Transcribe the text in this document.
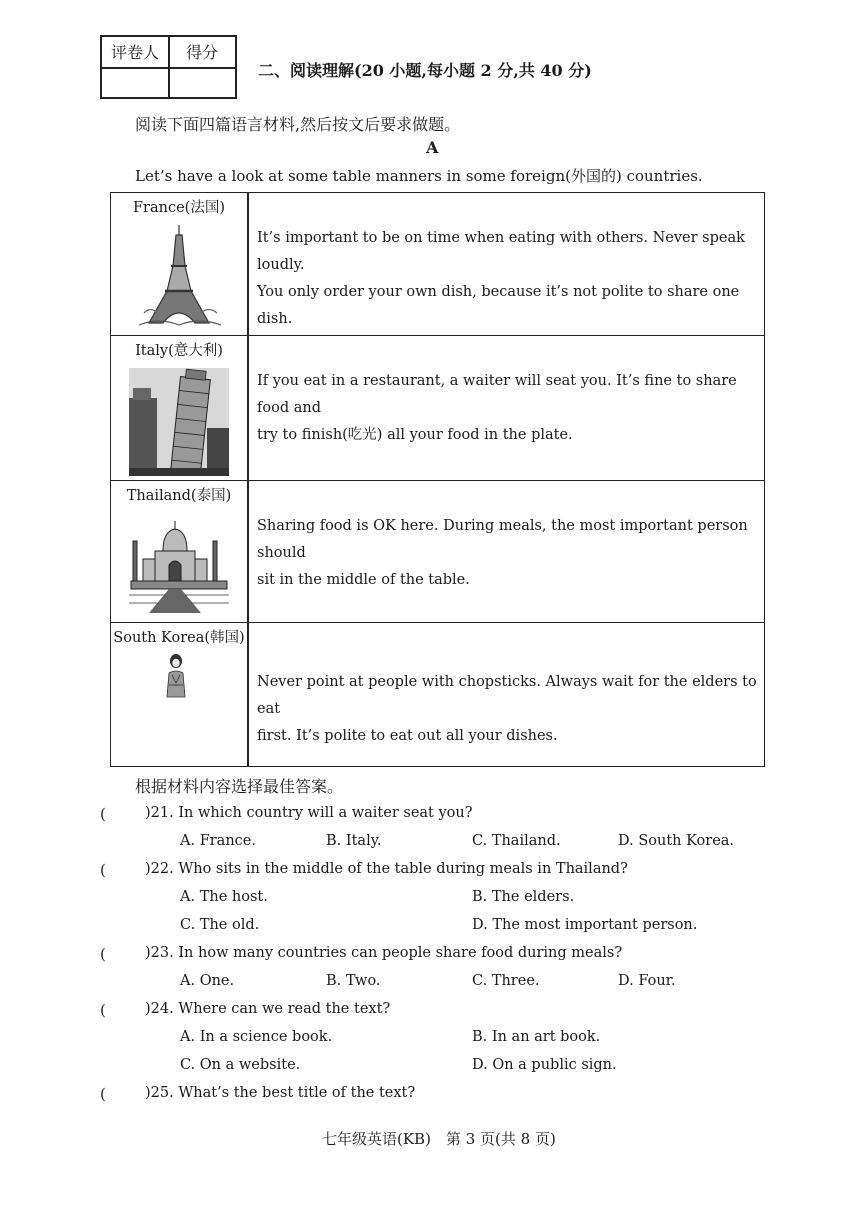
评卷人	得分
二、阅读理解(20 小题,每小题 2 分,共 40 分)
阅读下面四篇语言材料,然后按文后要求做题。
A
Let’s have a look at some table manners in some foreign(外国的) countries.
France(法国)
It’s important to be on time when eating with others. Never speak loudly.
You only order your own dish, because it’s not polite to share one dish.
Italy(意大利)
If you eat in a restaurant, a waiter will seat you. It’s fine to share food and
try to finish(吃光) all your food in the plate.
Thailand(泰国)
Sharing food is OK here. During meals, the most important person should
sit in the middle of the table.
South Korea(韩国)
Never point at people with chopsticks. Always wait for the elders to eat
first. It’s polite to eat out all your dishes.
根据材料内容选择最佳答案。
(	)21. In which country will a waiter seat you?
A. France.	B. Italy.	C. Thailand.	D. South Korea.
(	)22. Who sits in the middle of the table during meals in Thailand?
A. The host.	B. The elders.
C. The old.	D. The most important person.
(	)23. In how many countries can people share food during meals?
A. One.	B. Two.	C. Three.	D. Four.
(	)24. Where can we read the text?
A. In a science book.	B. In an art book.
C. On a website.	D. On a public sign.
(	)25. What’s the best title of the text?
七年级英语(KB)　第 3 页(共 8 页)
